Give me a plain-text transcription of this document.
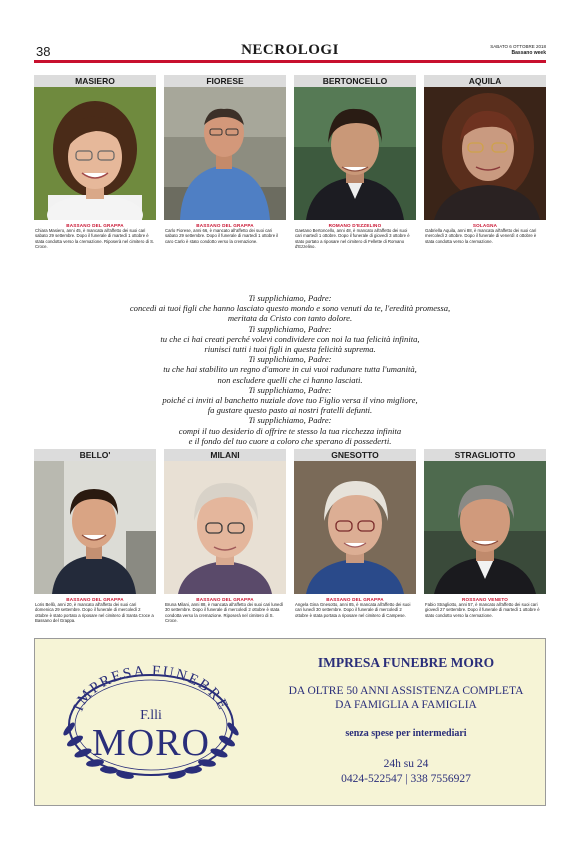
38	NECROLOGI	SABATO 6 OTTOBRE 2018
Bassano week
MASIERO
BASSANO DEL GRAPPA
Chiara Masiero, anni 45, è mancata all'affetto dei suoi cari sabato 29 settembre. Dopo il funerale di martedì 1 ottobre è stata condotta verso la cremazione. Riposerà nel cimitero di S. Croce.
FIORESE
BASSANO DEL GRAPPA
Carlo Fiorese, anni 66, è mancato all'affetto dei suoi cari sabato 29 settembre. Dopo il funerale di martedì 1 ottobre il caro Carlo è stato condotto verso la cremazione.
BERTONCELLO
ROMANO D'EZZELINO
Gaetano Bertoncello, anni 48, è mancato all'affetto dei suoi cari martedì 1 ottobre. Dopo il funerale di giovedì 3 ottobre è stato portato a riposare nel cimitero di Fellette di Romano d'Ezzelino.
AQUILA
SOLAGNA
Gabriella Aquila, anni 88, è mancata all'affetto dei suoi cari mercoledì 2 ottobre. Dopo il funerale di venerdì 4 ottobre è stata condotta verso la cremazione.
Ti supplichiamo, Padre:
concedi ai tuoi figli che hanno lasciato questo mondo e sono venuti da te, l'eredità promessa,
meritata da Cristo con tanto dolore.
Ti supplichiamo, Padre:
tu che ci hai creati perché volevi condividere con noi la tua felicità infinita,
riunisci tutti i tuoi figli in questa felicità suprema.
Ti supplichiamo, Padre:
tu che hai stabilito un regno d'amore in cui vuoi radunare tutta l'umanità,
non escludere quelli che ci hanno lasciati.
Ti supplichiamo, Padre:
poiché ci inviti al banchetto nuziale dove tuo Figlio versa il vino migliore,
fa gustare questo pasto ai nostri fratelli defunti.
Ti supplichiamo, Padre:
compi il tuo desiderio di offrire te stesso la tua ricchezza infinita
e il fondo del tuo cuore a coloro che sperano di possederti.
BELLO'
BASSANO DEL GRAPPA
Loris Bellò, anni 20, è mancato all'affetto dei suoi cari domenica 29 settembre. Dopo il funerale di mercoledì 2 ottobre è stato portato a riposare nel cimitero di Santa Croce a Bassano del Grappa.
MILANI
BASSANO DEL GRAPPA
Bruna Milani, anni 88, è mancata all'affetto dei suoi cari lunedì 30 settembre. Dopo il funerale di mercoledì 2 ottobre è stata condotta verso la cremazione. Riposerà nel cimitero di S. Croce.
GNESOTTO
BASSANO DEL GRAPPA
Angela Gina Gnesotto, anni 85, è mancata all'affetto dei suoi cari lunedì 30 settembre. Dopo il funerale di mercoledì 2 ottobre è stata portata a riposare nel cimitero di Campese.
STRAGLIOTTO
ROSSANO VENETO
Fabio Stragliotto, anni 57, è mancato all'affetto dei suoi cari giovedì 27 settembre. Dopo il funerale di martedì 1 ottobre è stato condotto verso la cremazione.
IMPRESA FUNEBRE
F.lli
MORO
IMPRESA FUNEBRE MORO
DA OLTRE 50 ANNI ASSISTENZA COMPLETA
DA FAMIGLIA A FAMIGLIA
senza spese per intermediari
24h su 24
0424-522547 | 338 7556927
